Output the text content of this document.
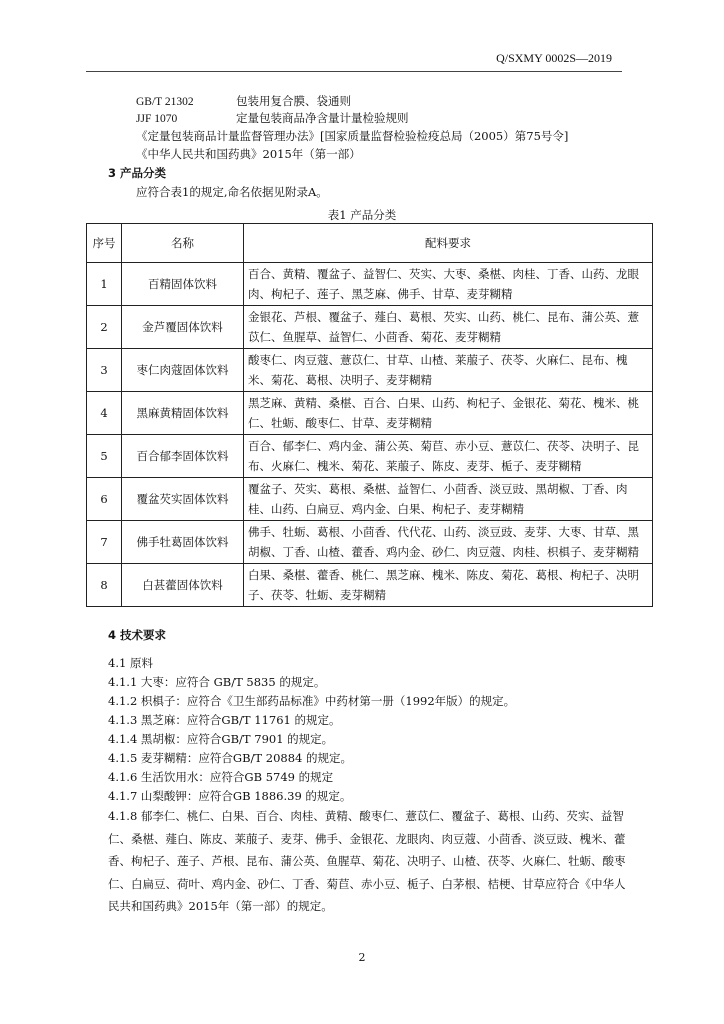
Q/SXMY 0002S—2019
GB/T 21302	包装用复合膜、袋通则
JJF 1070	定量包装商品净含量计量检验规则
《定量包装商品计量监督管理办法》[国家质量监督检验检疫总局（2005）第75号令]
《中华人民共和国药典》2015年（第一部）
3 产品分类
应符合表1的规定,命名依据见附录A。
表1 产品分类
序号	名称	配料要求
1	百精固体饮料	百合、黄精、覆盆子、益智仁、芡实、大枣、桑椹、肉桂、丁香、山药、龙眼肉、枸杞子、莲子、黑芝麻、佛手、甘草、麦芽糊精
2	金芦覆固体饮料	金银花、芦根、覆盆子、薤白、葛根、芡实、山药、桃仁、昆布、蒲公英、薏苡仁、鱼腥草、益智仁、小茴香、菊花、麦芽糊精
3	枣仁肉蔻固体饮料	酸枣仁、肉豆蔻、薏苡仁、甘草、山楂、莱菔子、茯苓、火麻仁、昆布、槐米、菊花、葛根、决明子、麦芽糊精
4	黑麻黄精固体饮料	黑芝麻、黄精、桑椹、百合、白果、山药、枸杞子、金银花、菊花、槐米、桃仁、牡蛎、酸枣仁、甘草、麦芽糊精
5	百合郁李固体饮料	百合、郁李仁、鸡内金、蒲公英、菊苣、赤小豆、薏苡仁、茯苓、决明子、昆布、火麻仁、槐米、菊花、莱菔子、陈皮、麦芽、栀子、麦芽糊精
6	覆盆芡实固体饮料	覆盆子、芡实、葛根、桑椹、益智仁、小茴香、淡豆豉、黑胡椒、丁香、肉桂、山药、白扁豆、鸡内金、白果、枸杞子、麦芽糊精
7	佛手牡葛固体饮料	佛手、牡蛎、葛根、小茴香、代代花、山药、淡豆豉、麦芽、大枣、甘草、黑胡椒、丁香、山楂、藿香、鸡内金、砂仁、肉豆蔻、肉桂、枳椇子、麦芽糊精
8	白甚藿固体饮料	白果、桑椹、藿香、桃仁、黑芝麻、槐米、陈皮、菊花、葛根、枸杞子、决明子、茯苓、牡蛎、麦芽糊精
4 技术要求
4.1 原料
4.1.1 大枣：应符合 GB/T 5835 的规定。
4.1.2 枳椇子：应符合《卫生部药品标准》中药材第一册（1992年版）的规定。
4.1.3 黑芝麻：应符合GB/T 11761 的规定。
4.1.4 黑胡椒：应符合GB/T 7901 的规定。
4.1.5 麦芽糊精：应符合GB/T 20884 的规定。
4.1.6 生活饮用水：应符合GB 5749 的规定
4.1.7 山梨酸钾：应符合GB 1886.39 的规定。
4.1.8 郁李仁、桃仁、白果、百合、肉桂、黄精、酸枣仁、薏苡仁、覆盆子、葛根、山药、芡实、益智仁、桑椹、薤白、陈皮、莱菔子、麦芽、佛手、金银花、龙眼肉、肉豆蔻、小茴香、淡豆豉、槐米、藿香、枸杞子、莲子、芦根、昆布、蒲公英、鱼腥草、菊花、决明子、山楂、茯苓、火麻仁、牡蛎、酸枣仁、白扁豆、荷叶、鸡内金、砂仁、丁香、菊苣、赤小豆、栀子、白茅根、桔梗、甘草应符合《中华人民共和国药典》2015年（第一部）的规定。
2
